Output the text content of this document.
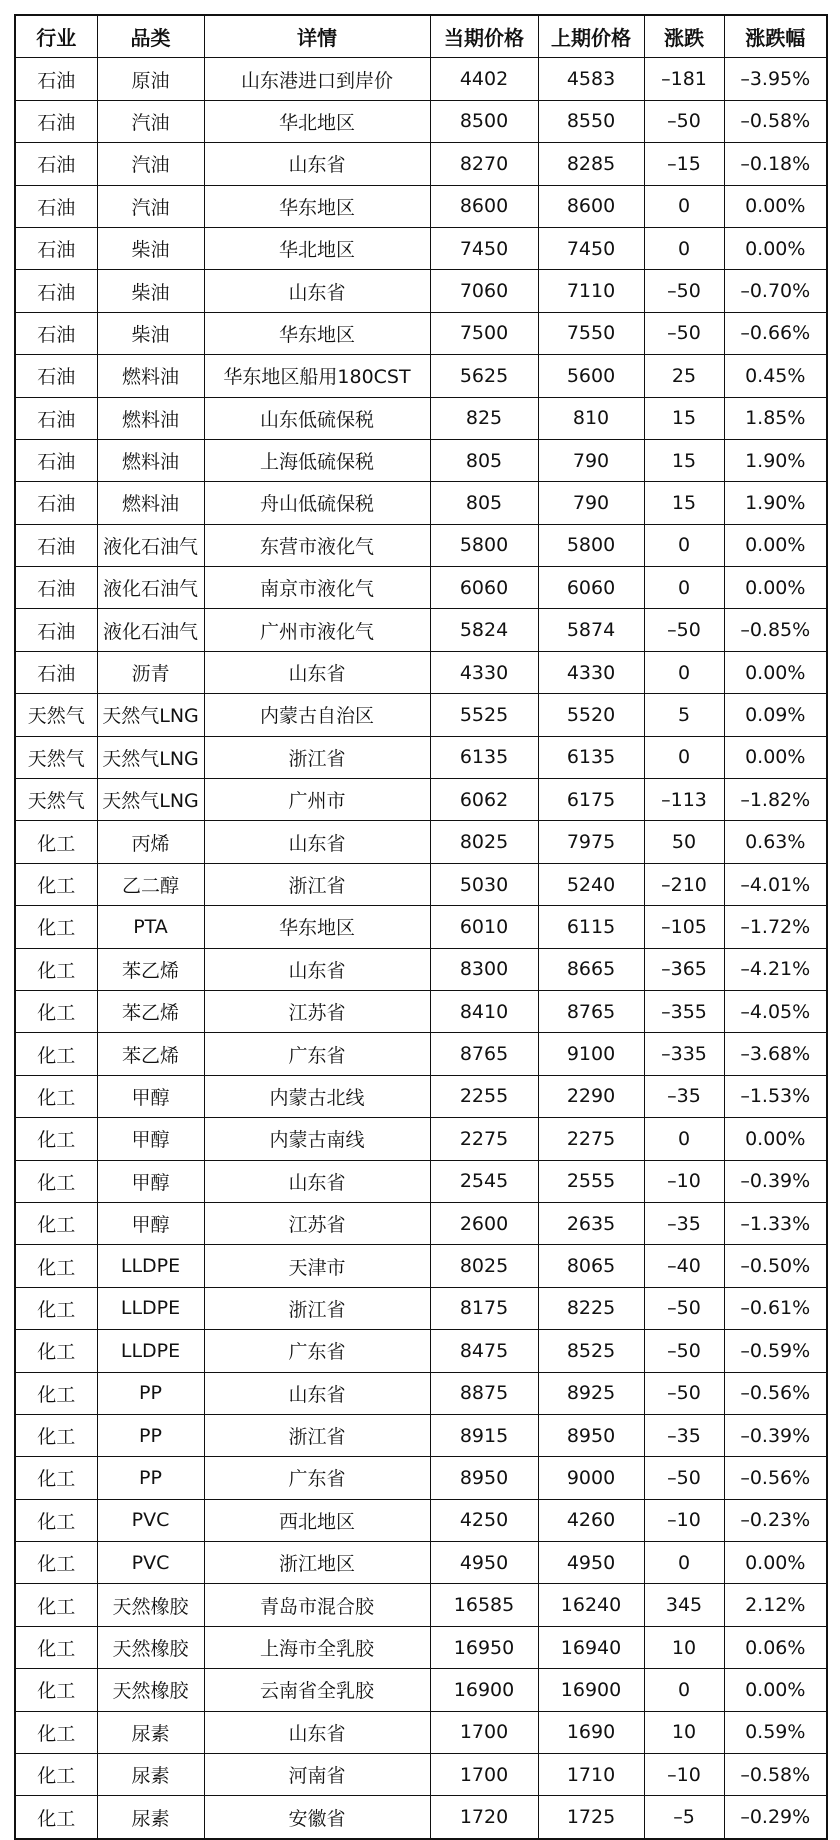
行业	品类	详情	当期价格	上期价格	涨跌	涨跌幅
石油	原油	山东港进口到岸价	4402	4583	–181	–3.95%
石油	汽油	华北地区	8500	8550	–50	–0.58%
石油	汽油	山东省	8270	8285	–15	–0.18%
石油	汽油	华东地区	8600	8600	0	0.00%
石油	柴油	华北地区	7450	7450	0	0.00%
石油	柴油	山东省	7060	7110	–50	–0.70%
石油	柴油	华东地区	7500	7550	–50	–0.66%
石油	燃料油	华东地区船用180CST	5625	5600	25	0.45%
石油	燃料油	山东低硫保税	825	810	15	1.85%
石油	燃料油	上海低硫保税	805	790	15	1.90%
石油	燃料油	舟山低硫保税	805	790	15	1.90%
石油	液化石油气	东营市液化气	5800	5800	0	0.00%
石油	液化石油气	南京市液化气	6060	6060	0	0.00%
石油	液化石油气	广州市液化气	5824	5874	–50	–0.85%
石油	沥青	山东省	4330	4330	0	0.00%
天然气	天然气LNG	内蒙古自治区	5525	5520	5	0.09%
天然气	天然气LNG	浙江省	6135	6135	0	0.00%
天然气	天然气LNG	广州市	6062	6175	–113	–1.82%
化工	丙烯	山东省	8025	7975	50	0.63%
化工	乙二醇	浙江省	5030	5240	–210	–4.01%
化工	PTA	华东地区	6010	6115	–105	–1.72%
化工	苯乙烯	山东省	8300	8665	–365	–4.21%
化工	苯乙烯	江苏省	8410	8765	–355	–4.05%
化工	苯乙烯	广东省	8765	9100	–335	–3.68%
化工	甲醇	内蒙古北线	2255	2290	–35	–1.53%
化工	甲醇	内蒙古南线	2275	2275	0	0.00%
化工	甲醇	山东省	2545	2555	–10	–0.39%
化工	甲醇	江苏省	2600	2635	–35	–1.33%
化工	LLDPE	天津市	8025	8065	–40	–0.50%
化工	LLDPE	浙江省	8175	8225	–50	–0.61%
化工	LLDPE	广东省	8475	8525	–50	–0.59%
化工	PP	山东省	8875	8925	–50	–0.56%
化工	PP	浙江省	8915	8950	–35	–0.39%
化工	PP	广东省	8950	9000	–50	–0.56%
化工	PVC	西北地区	4250	4260	–10	–0.23%
化工	PVC	浙江地区	4950	4950	0	0.00%
化工	天然橡胶	青岛市混合胶	16585	16240	345	2.12%
化工	天然橡胶	上海市全乳胶	16950	16940	10	0.06%
化工	天然橡胶	云南省全乳胶	16900	16900	0	0.00%
化工	尿素	山东省	1700	1690	10	0.59%
化工	尿素	河南省	1700	1710	–10	–0.58%
化工	尿素	安徽省	1720	1725	–5	–0.29%
